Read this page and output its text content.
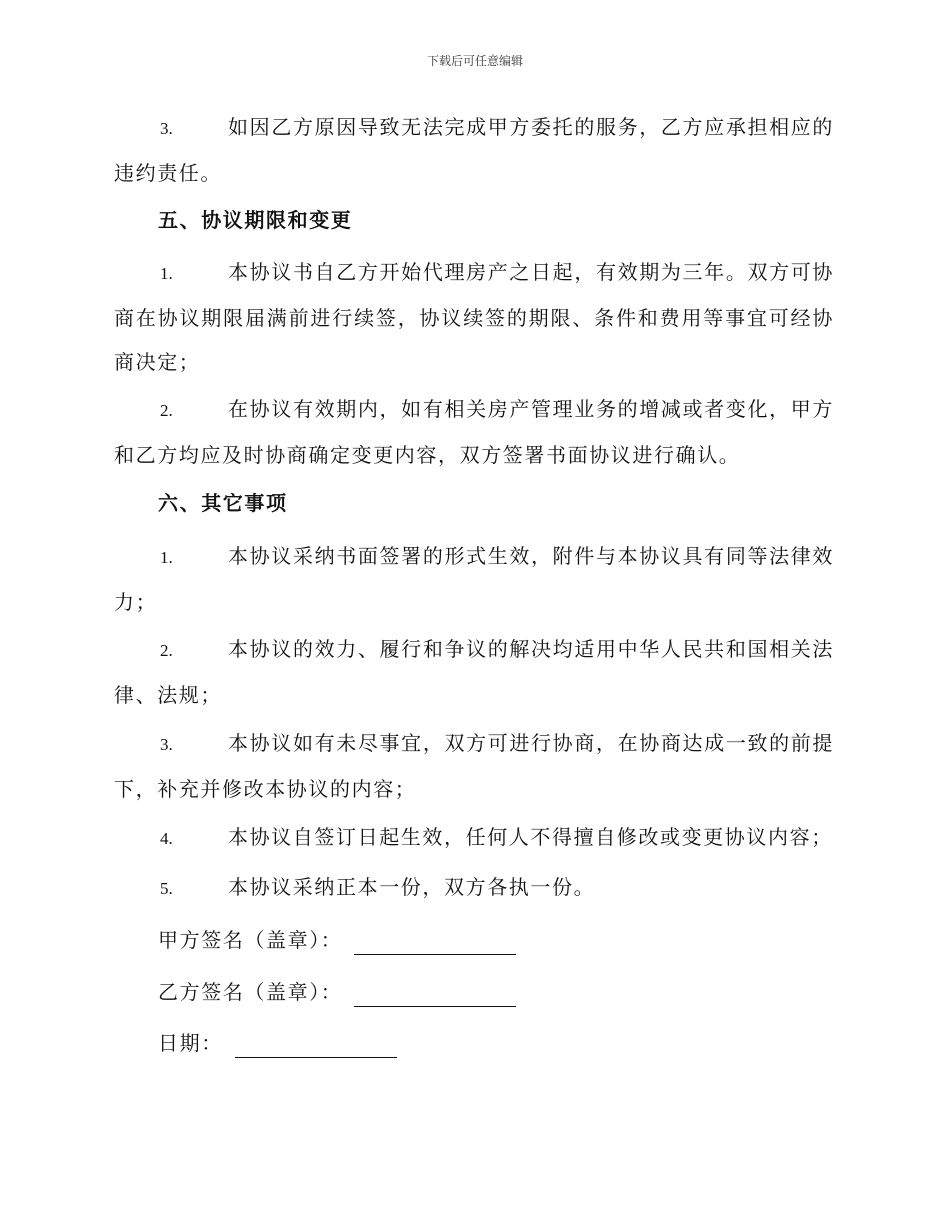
下载后可任意编辑
3.	如因乙方原因导致无法完成甲方委托的服务，乙方应承担相应的违约责任。
五、协议期限和变更
1.	本协议书自乙方开始代理房产之日起，有效期为三年。双方可协商在协议期限届满前进行续签，协议续签的期限、条件和费用等事宜可经协商决定；
2.	在协议有效期内，如有相关房产管理业务的增减或者变化，甲方和乙方均应及时协商确定变更内容，双方签署书面协议进行确认。
六、其它事项
1.	本协议采纳书面签署的形式生效，附件与本协议具有同等法律效力；
2.	本协议的效力、履行和争议的解决均适用中华人民共和国相关法律、法规；
3.	本协议如有未尽事宜，双方可进行协商，在协商达成一致的前提下，补充并修改本协议的内容；
4.	本协议自签订日起生效，任何人不得擅自修改或变更协议内容；
5.	本协议采纳正本一份，双方各执一份。
甲方签名（盖章）：
乙方签名（盖章）：
日期：
